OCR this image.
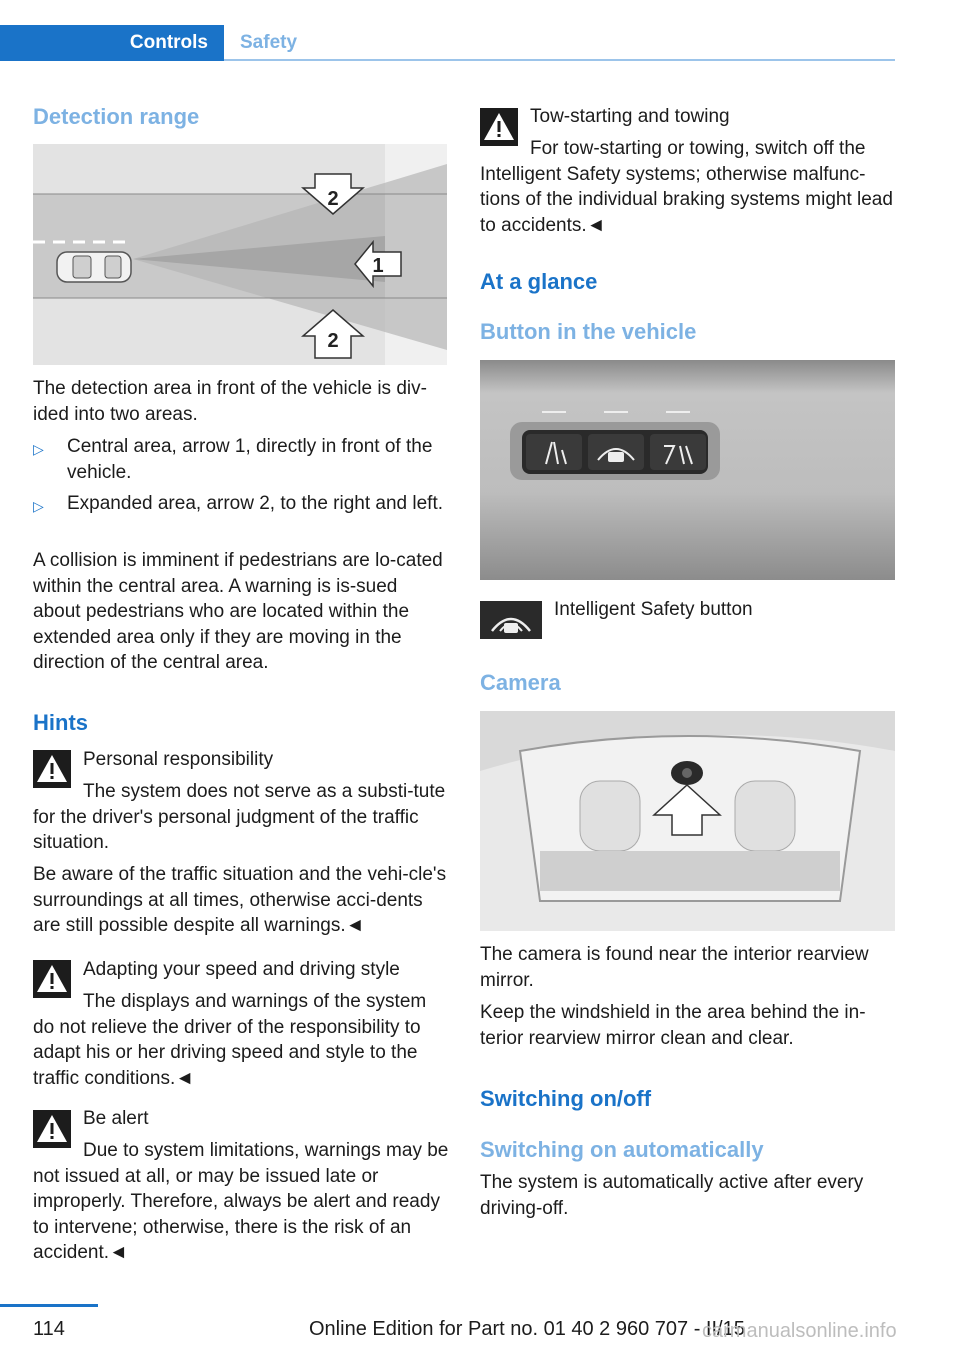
Controls	Safety
Detection range
2
1
2

The detection area in front of the vehicle is div-ided into two areas.

▷ Central area, arrow 1, directly in front of the vehicle.
▷ Expanded area, arrow 2, to the right and left.

A collision is imminent if pedestrians are lo-cated within the central area. A warning is is-sued about pedestrians who are located within the extended area only if they are moving in the direction of the central area.

Hints
Personal responsibility

The system does not serve as a substi-tute for the driver's personal judgment of the traffic situation.

Be aware of the traffic situation and the vehi-cle's surroundings at all times, otherwise acci-dents are still possible despite all warnings.◄

Adapting your speed and driving style

The displays and warnings of the system do not relieve the driver of the responsibility to adapt his or her driving speed and style to the traffic conditions.◄

Be alert

Due to system limitations, warnings may be not issued at all, or may be issued late or improperly. Therefore, always be alert and ready to intervene; otherwise, there is the risk of an accident.◄

Tow-starting and towing

For tow-starting or towing, switch off the Intelligent Safety systems; otherwise malfunc-tions of the individual braking systems might lead to accidents.◄

At a glance
Button in the vehicle
Intelligent Safety button
Camera

The camera is found near the interior rearview mirror.

Keep the windshield in the area behind the in-terior rearview mirror clean and clear.

Switching on/off
Switching on automatically

The system is automatically active after every driving-off.

114	Online Edition for Part no. 01 40 2 960 707 - II/15
carmanualsonline.info
